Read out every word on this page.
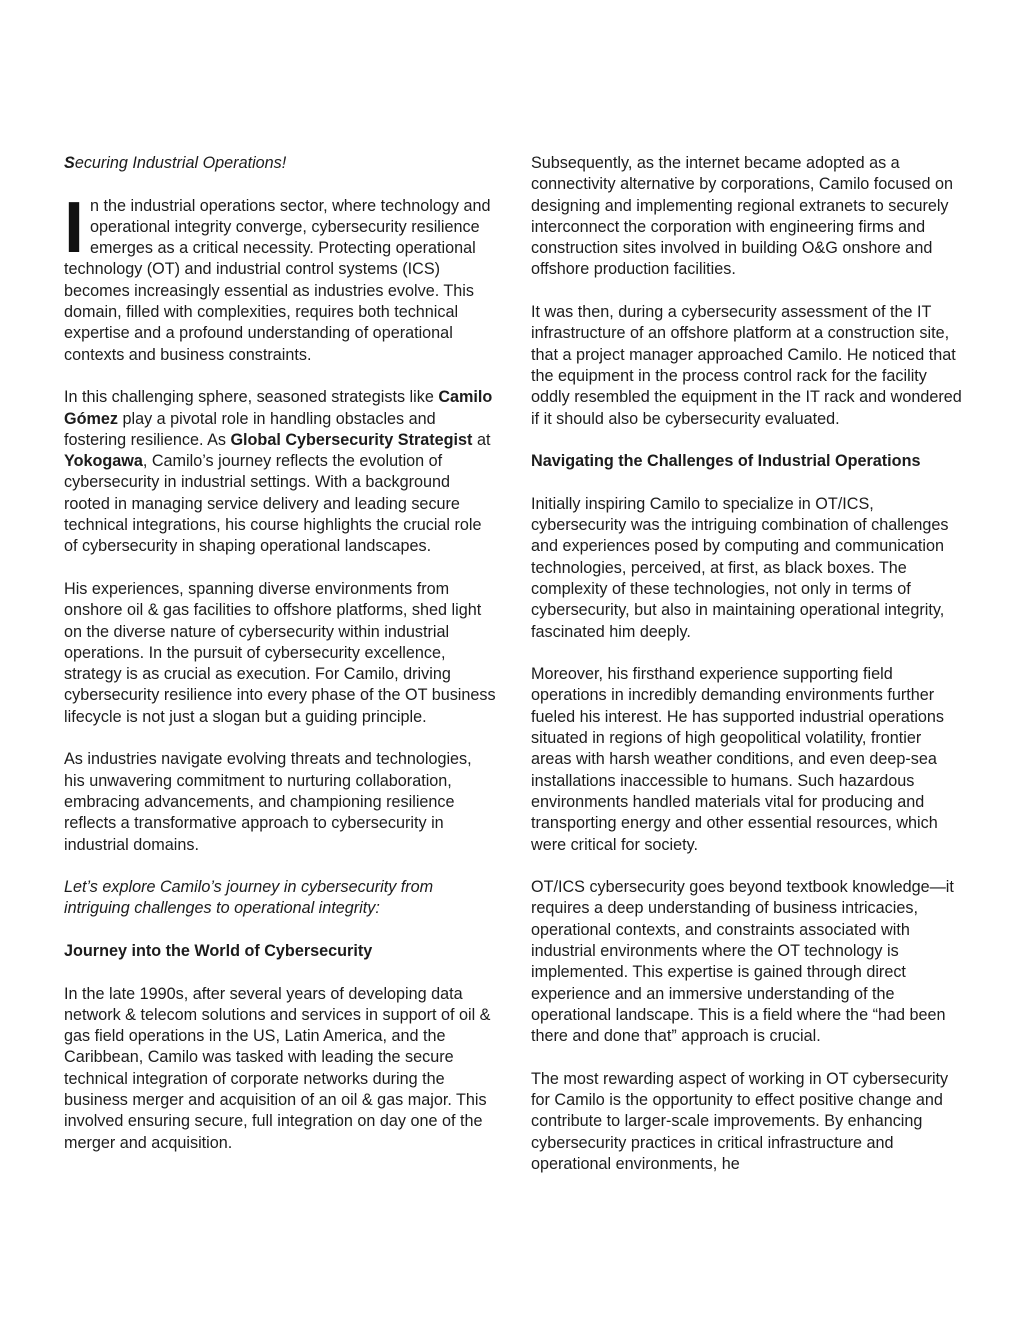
Securing Industrial Operations!

In the industrial operations sector, where technology and operational integrity converge, cybersecurity resilience emerges as a critical necessity. Protecting operational technology (OT) and industrial control systems (ICS) becomes increasingly essential as industries evolve. This domain, filled with complexities, requires both technical expertise and a profound understanding of operational contexts and business constraints.

In this challenging sphere, seasoned strategists like Camilo Gómez play a pivotal role in handling obstacles and fostering resilience. As Global Cybersecurity Strategist at Yokogawa, Camilo’s journey reflects the evolution of cybersecurity in industrial settings. With a background rooted in managing service delivery and leading secure technical integrations, his course highlights the crucial role of cybersecurity in shaping operational landscapes.

His experiences, spanning diverse environments from onshore oil & gas facilities to offshore platforms, shed light on the diverse nature of cybersecurity within industrial operations. In the pursuit of cybersecurity excellence, strategy is as crucial as execution. For Camilo, driving cybersecurity resilience into every phase of the OT business lifecycle is not just a slogan but a guiding principle.

As industries navigate evolving threats and technologies, his unwavering commitment to nurturing collaboration, embracing advancements, and championing resilience reflects a transformative approach to cybersecurity in industrial domains.

Let’s explore Camilo’s journey in cybersecurity from intriguing challenges to operational integrity:

Journey into the World of Cybersecurity

In the late 1990s, after several years of developing data network & telecom solutions and services in support of oil & gas field operations in the US, Latin America, and the Caribbean, Camilo was tasked with leading the secure technical integration of corporate networks during the business merger and acquisition of an oil & gas major. This involved ensuring secure, full integration on day one of the merger and acquisition.

Subsequently, as the internet became adopted as a connectivity alternative by corporations, Camilo focused on designing and implementing regional extranets to securely interconnect the corporation with engineering firms and construction sites involved in building O&G onshore and offshore production facilities.

It was then, during a cybersecurity assessment of the IT infrastructure of an offshore platform at a construction site, that a project manager approached Camilo. He noticed that the equipment in the process control rack for the facility oddly resembled the equipment in the IT rack and wondered if it should also be cybersecurity evaluated.

Navigating the Challenges of Industrial Operations

Initially inspiring Camilo to specialize in OT/ICS, cybersecurity was the intriguing combination of challenges and experiences posed by computing and communication technologies, perceived, at first, as black boxes. The complexity of these technologies, not only in terms of cybersecurity, but also in maintaining operational integrity, fascinated him deeply.

Moreover, his firsthand experience supporting field operations in incredibly demanding environments further fueled his interest. He has supported industrial operations situated in regions of high geopolitical volatility, frontier areas with harsh weather conditions, and even deep-sea installations inaccessible to humans. Such hazardous environments handled materials vital for producing and transporting energy and other essential resources, which were critical for society.

OT/ICS cybersecurity goes beyond textbook knowledge—it requires a deep understanding of business intricacies, operational contexts, and constraints associated with industrial environments where the OT technology is implemented. This expertise is gained through direct experience and an immersive understanding of the operational landscape. This is a field where the “had been there and done that” approach is crucial.

The most rewarding aspect of working in OT cybersecurity for Camilo is the opportunity to effect positive change and contribute to larger-scale improvements. By enhancing cybersecurity practices in critical infrastructure and operational environments, he
